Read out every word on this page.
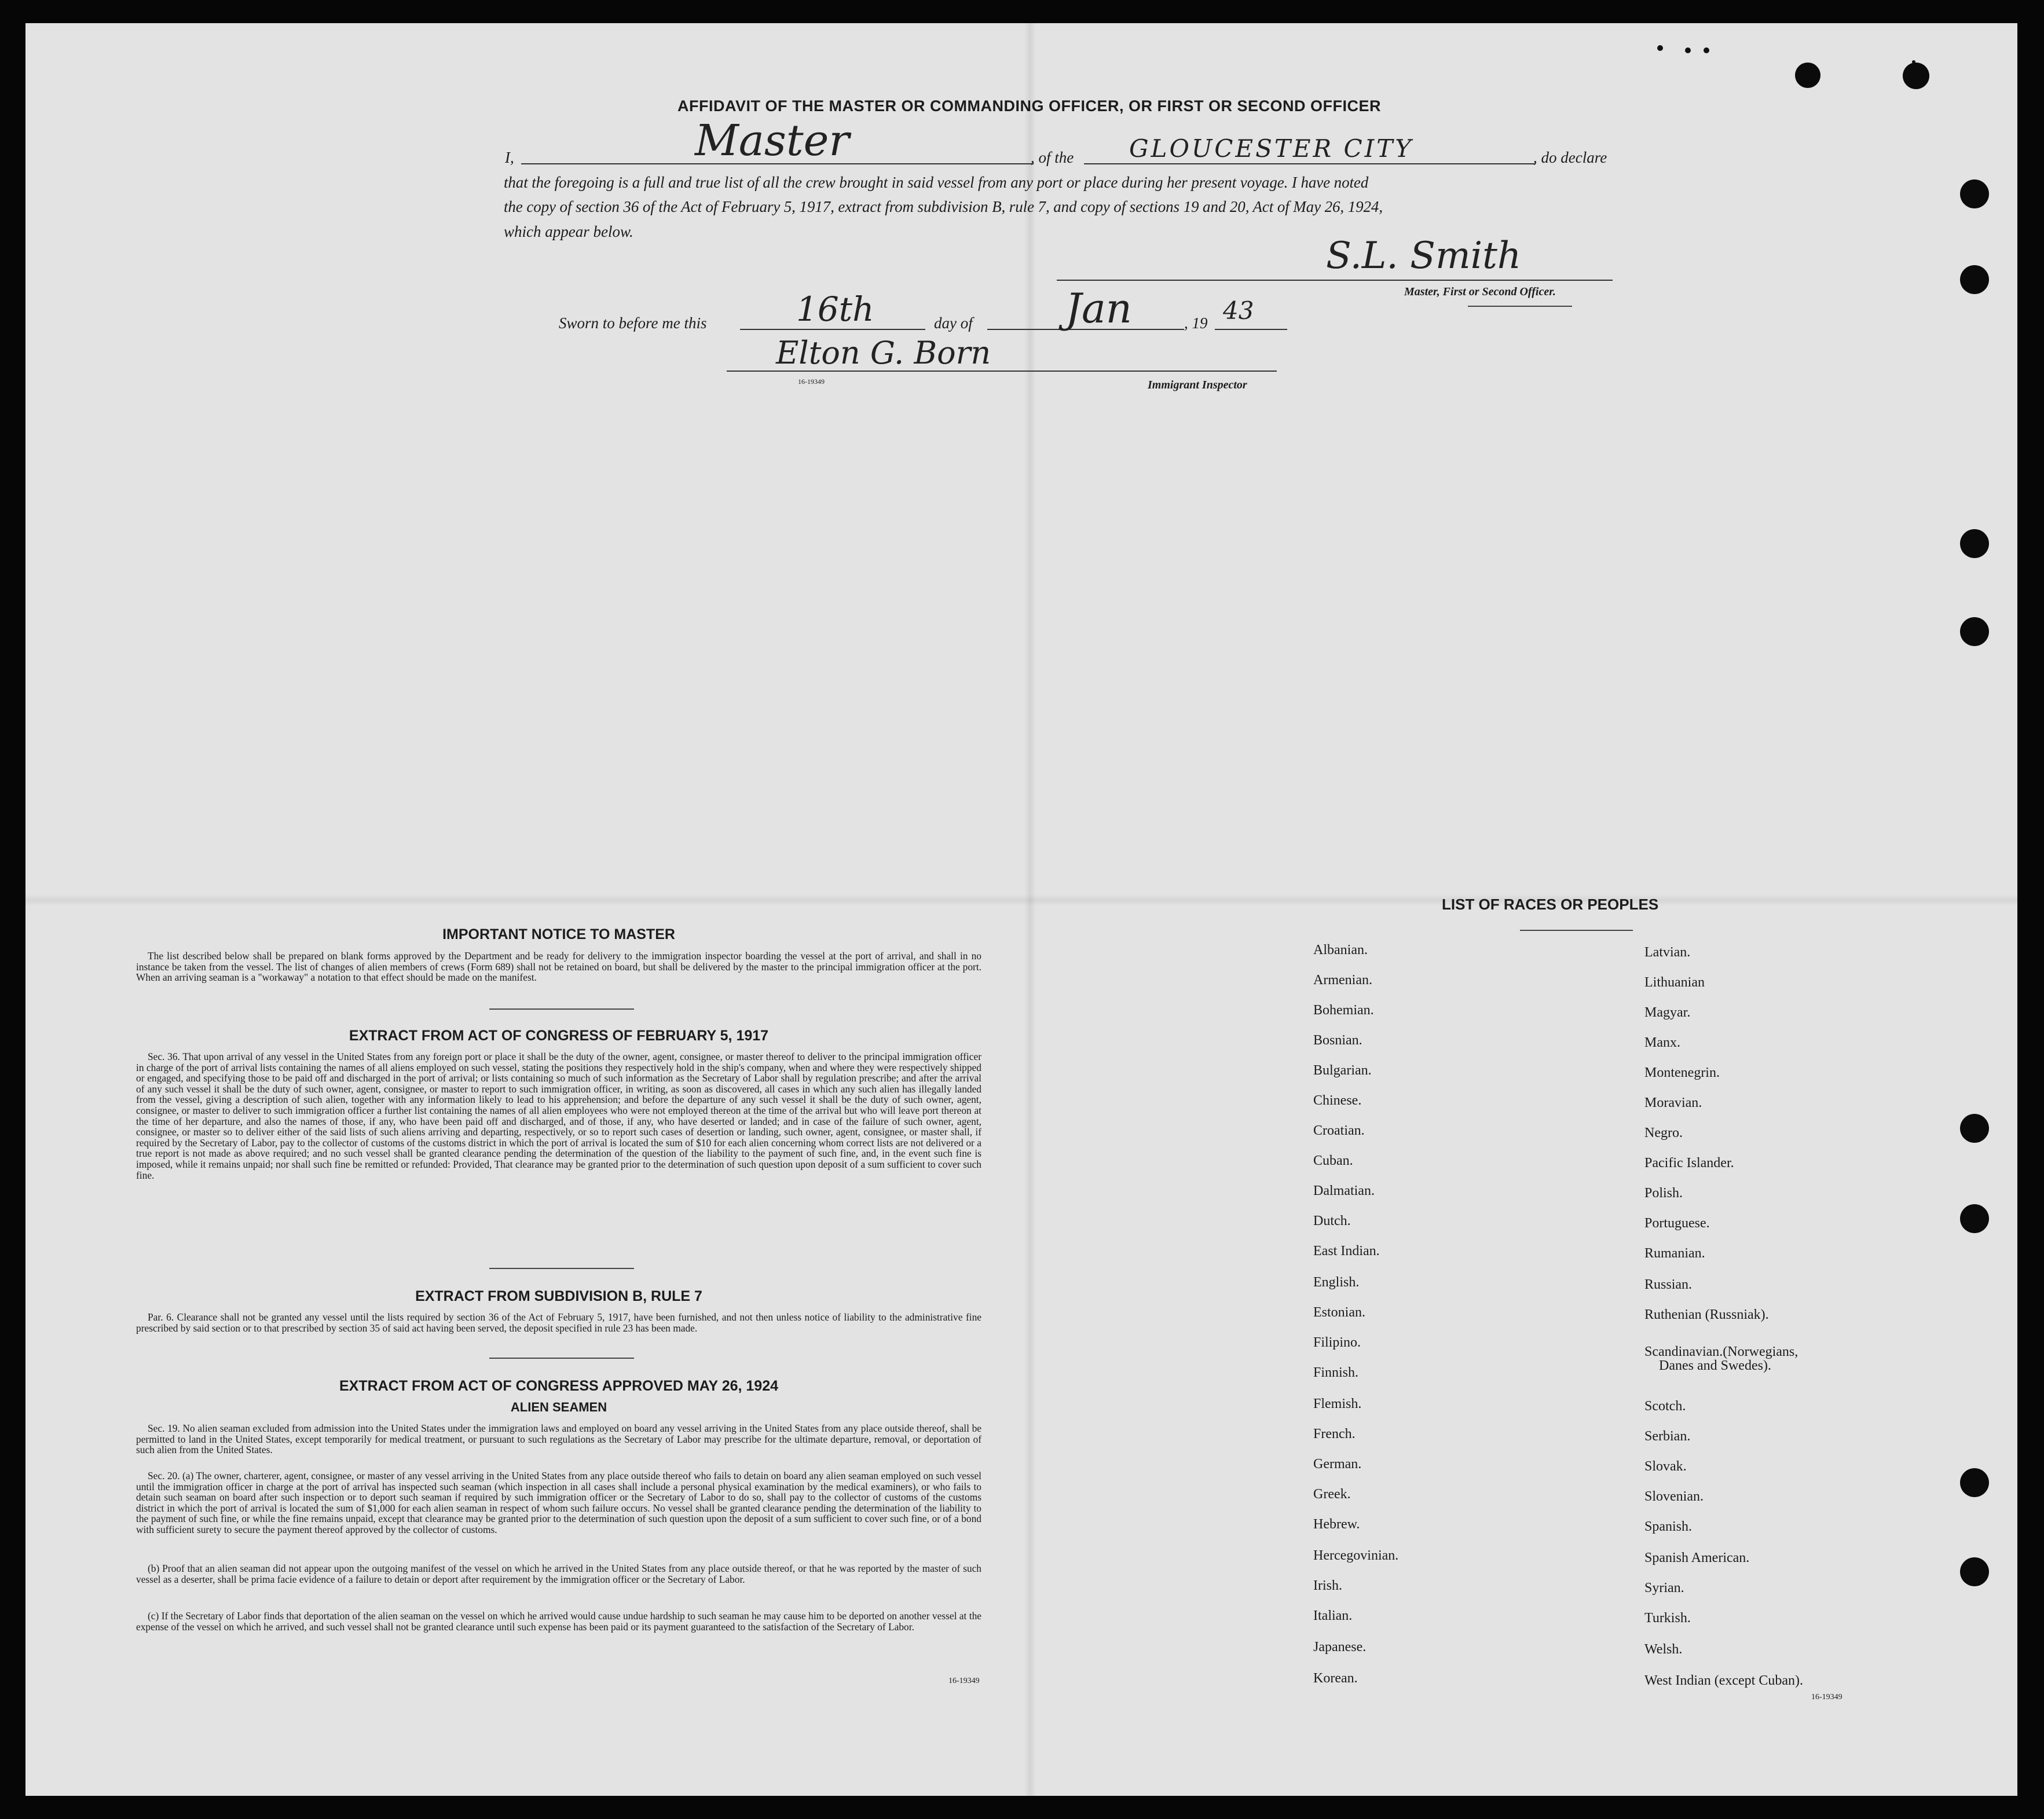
AFFIDAVIT OF THE MASTER OR COMMANDING OFFICER, OR FIRST OR SECOND OFFICER
I,	Master	, of the GLOUCESTER CITY	, do declare
that the foregoing is a full and true list of all the crew brought in said vessel from any port or place during her present voyage. I have noted
the copy of section 36 of the Act of February 5, 1917, extract from subdivision B, rule 7, and copy of sections 19 and 20, Act of May 26, 1924,
which appear below.
S.L. Smith
Master, First or Second Officer.
Sworn to before me this	16th	day of Jan	, 19 43
Elton G. Born
16-19349	Immigrant Inspector
IMPORTANT NOTICE TO MASTER
The list described below shall be prepared on blank forms approved by the Department and be ready for delivery to the immigration inspector boarding the vessel at the port of arrival, and shall in no instance be taken from the vessel. The list of changes of alien members of crews (Form 689) shall not be retained on board, but shall be delivered by the master to the principal immigration officer at the port. When an arriving seaman is a "workaway" a notation to that effect should be made on the manifest.
EXTRACT FROM ACT OF CONGRESS OF FEBRUARY 5, 1917
Sec. 36. That upon arrival of any vessel in the United States from any foreign port or place it shall be the duty of the owner, agent, consignee, or master thereof to deliver to the principal immigration officer in charge of the port of arrival lists containing the names of all aliens employed on such vessel, stating the positions they respectively hold in the ship's company, when and where they were respectively shipped or engaged, and specifying those to be paid off and discharged in the port of arrival; or lists containing so much of such information as the Secretary of Labor shall by regulation prescribe; and after the arrival of any such vessel it shall be the duty of such owner, agent, consignee, or master to report to such immigration officer, in writing, as soon as discovered, all cases in which any such alien has illegally landed from the vessel, giving a description of such alien, together with any information likely to lead to his apprehension; and before the departure of any such vessel it shall be the duty of such owner, agent, consignee, or master to deliver to such immigration officer a further list containing the names of all alien employees who were not employed thereon at the time of the arrival but who will leave port thereon at the time of her departure, and also the names of those, if any, who have been paid off and discharged, and of those, if any, who have deserted or landed; and in case of the failure of such owner, agent, consignee, or master so to deliver either of the said lists of such aliens arriving and departing, respectively, or so to report such cases of desertion or landing, such owner, agent, consignee, or master shall, if required by the Secretary of Labor, pay to the collector of customs of the customs district in which the port of arrival is located the sum of $10 for each alien concerning whom correct lists are not delivered or a true report is not made as above required; and no such vessel shall be granted clearance pending the determination of the question of the liability to the payment of such fine, and, in the event such fine is imposed, while it remains unpaid; nor shall such fine be remitted or refunded: Provided, That clearance may be granted prior to the determination of such question upon deposit of a sum sufficient to cover such fine.
EXTRACT FROM SUBDIVISION B, RULE 7
Par. 6. Clearance shall not be granted any vessel until the lists required by section 36 of the Act of February 5, 1917, have been furnished, and not then unless notice of liability to the administrative fine prescribed by said section or to that prescribed by section 35 of said act having been served, the deposit specified in rule 23 has been made.
EXTRACT FROM ACT OF CONGRESS APPROVED MAY 26, 1924
ALIEN SEAMEN
Sec. 19. No alien seaman excluded from admission into the United States under the immigration laws and employed on board any vessel arriving in the United States from any place outside thereof, shall be permitted to land in the United States, except temporarily for medical treatment, or pursuant to such regulations as the Secretary of Labor may prescribe for the ultimate departure, removal, or deportation of such alien from the United States.
Sec. 20. (a) The owner, charterer, agent, consignee, or master of any vessel arriving in the United States from any place outside thereof who fails to detain on board any alien seaman employed on such vessel until the immigration officer in charge at the port of arrival has inspected such seaman (which inspection in all cases shall include a personal physical examination by the medical examiners), or who fails to detain such seaman on board after such inspection or to deport such seaman if required by such immigration officer or the Secretary of Labor to do so, shall pay to the collector of customs of the customs district in which the port of arrival is located the sum of $1,000 for each alien seaman in respect of whom such failure occurs. No vessel shall be granted clearance pending the determination of the liability to the payment of such fine, or while the fine remains unpaid, except that clearance may be granted prior to the determination of such question upon the deposit of a sum sufficient to cover such fine, or of a bond with sufficient surety to secure the payment thereof approved by the collector of customs.
(b) Proof that an alien seaman did not appear upon the outgoing manifest of the vessel on which he arrived in the United States from any place outside thereof, or that he was reported by the master of such vessel as a deserter, shall be prima facie evidence of a failure to detain or deport after requirement by the immigration officer or the Secretary of Labor.
(c) If the Secretary of Labor finds that deportation of the alien seaman on the vessel on which he arrived would cause undue hardship to such seaman he may cause him to be deported on another vessel at the expense of the vessel on which he arrived, and such vessel shall not be granted clearance until such expense has been paid or its payment guaranteed to the satisfaction of the Secretary of Labor.
16-19349
LIST OF RACES OR PEOPLES
Albanian.
Armenian.
Bohemian.
Bosnian.
Bulgarian.
Chinese.
Croatian.
Cuban.
Dalmatian.
Dutch.
East Indian.
English.
Estonian.
Filipino.
Finnish.
Flemish.
French.
German.
Greek.
Hebrew.
Hercegovinian.
Irish.
Italian.
Japanese.
Korean.
Latvian.
Lithuanian
Magyar.
Manx.
Montenegrin.
Moravian.
Negro.
Pacific Islander.
Polish.
Portuguese.
Rumanian.
Russian.
Ruthenian (Russniak).
Scandinavian.(Norwegians,
Danes and Swedes).
Scotch.
Serbian.
Slovak.
Slovenian.
Spanish.
Spanish American.
Syrian.
Turkish.
Welsh.
West Indian (except Cuban).
16-19349
